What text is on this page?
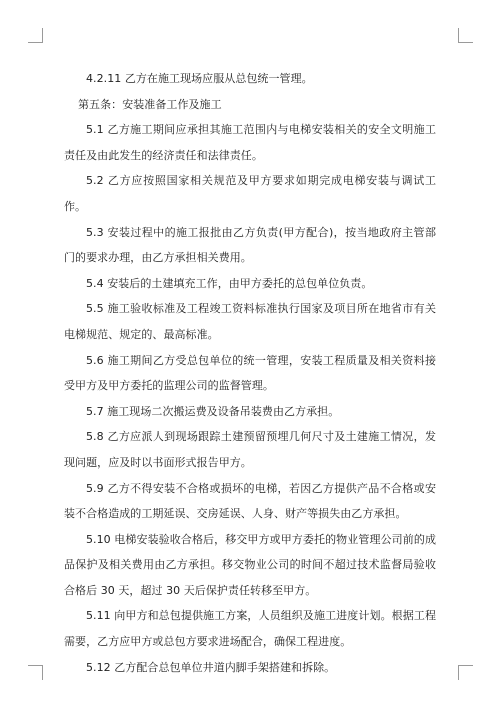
4.2.11 乙方在施工现场应服从总包统一管理。

第五条：安装准备工作及施工

5.1 乙方施工期间应承担其施工范围内与电梯安装相关的安全文明施工责任及由此发生的经济责任和法律责任。

5.2 乙方应按照国家相关规范及甲方要求如期完成电梯安装与调试工作。

5.3 安装过程中的施工报批由乙方负责(甲方配合)，按当地政府主管部门的要求办理，由乙方承担相关费用。

5.4 安装后的土建填充工作，由甲方委托的总包单位负责。

5.5 施工验收标准及工程竣工资料标准执行国家及项目所在地省市有关电梯规范、规定的、最高标准。

5.6 施工期间乙方受总包单位的统一管理，安装工程质量及相关资料接受甲方及甲方委托的监理公司的监督管理。

5.7 施工现场二次搬运费及设备吊装费由乙方承担。

5.8 乙方应派人到现场跟踪土建预留预埋几何尺寸及土建施工情况，发现问题，应及时以书面形式报告甲方。

5.9 乙方不得安装不合格或损坏的电梯，若因乙方提供产品不合格或安装不合格造成的工期延误、交房延误、人身、财产等损失由乙方承担。

5.10 电梯安装验收合格后，移交甲方或甲方委托的物业管理公司前的成品保护及相关费用由乙方承担。移交物业公司的时间不超过技术监督局验收合格后 30 天，超过 30 天后保护责任转移至甲方。

5.11 向甲方和总包提供施工方案，人员组织及施工进度计划。根据工程需要，乙方应甲方或总包方要求进场配合，确保工程进度。

5.12 乙方配合总包单位井道内脚手架搭建和拆除。
